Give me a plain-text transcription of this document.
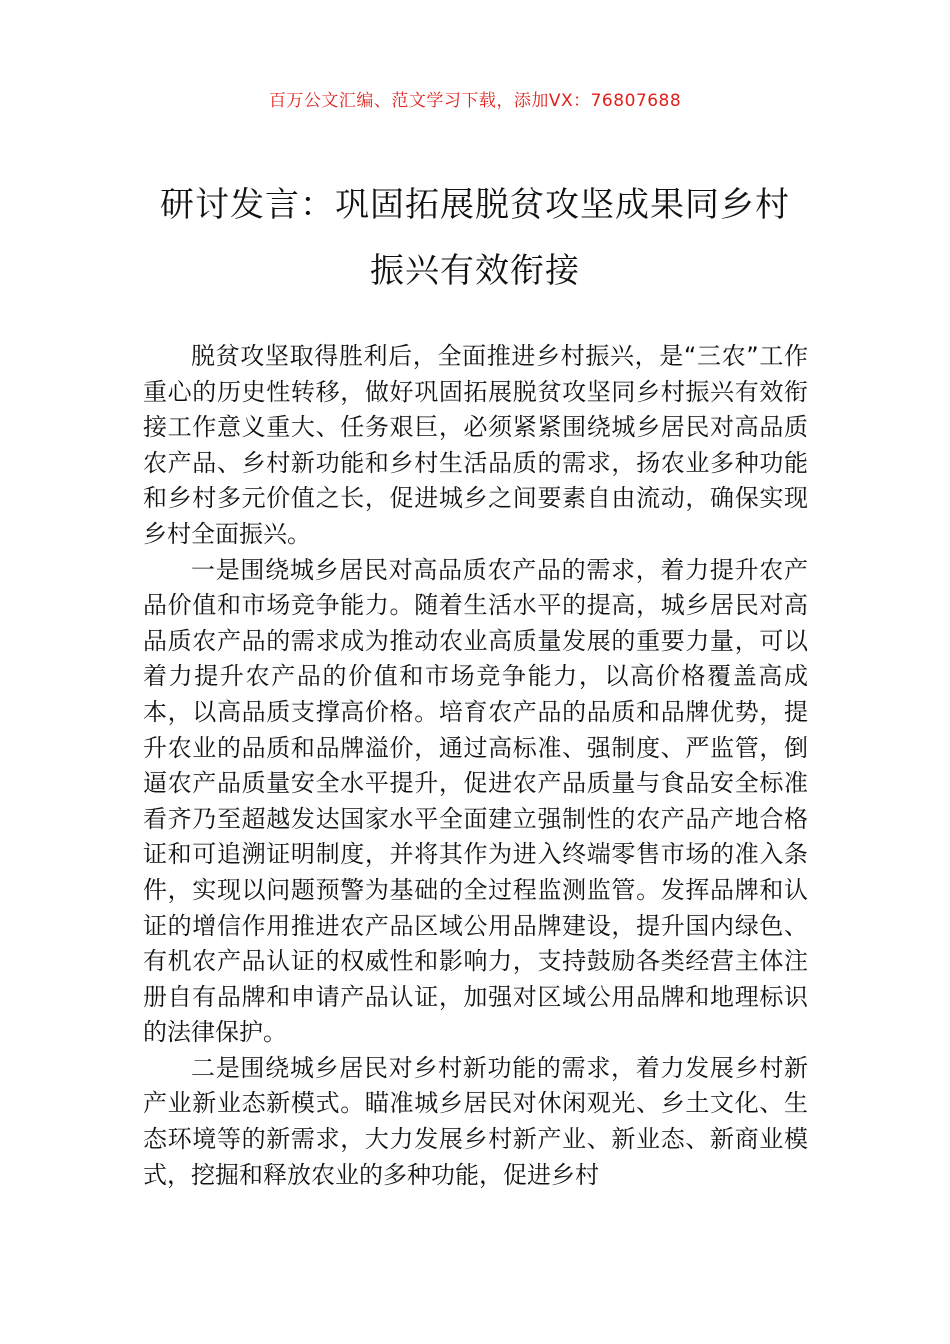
百万公文汇编、范文学习下载，添加VX：76807688
研讨发言：巩固拓展脱贫攻坚成果同乡村
振兴有效衔接

脱贫攻坚取得胜利后，全面推进乡村振兴，是“三农”工作重心的历史性转移，做好巩固拓展脱贫攻坚同乡村振兴有效衔接工作意义重大、任务艰巨，必须紧紧围绕城乡居民对高品质农产品、乡村新功能和乡村生活品质的需求，扬农业多种功能和乡村多元价值之长，促进城乡之间要素自由流动，确保实现乡村全面振兴。

一是围绕城乡居民对高品质农产品的需求，着力提升农产品价值和市场竞争能力。随着生活水平的提高，城乡居民对高品质农产品的需求成为推动农业高质量发展的重要力量，可以着力提升农产品的价值和市场竞争能力，以高价格覆盖高成本，以高品质支撑高价格。培育农产品的品质和品牌优势，提升农业的品质和品牌溢价，通过高标准、强制度、严监管，倒逼农产品质量安全水平提升，促进农产品质量与食品安全标准看齐乃至超越发达国家水平全面建立强制性的农产品产地合格证和可追溯证明制度，并将其作为进入终端零售市场的准入条件，实现以问题预警为基础的全过程监测监管。发挥品牌和认证的增信作用推进农产品区域公用品牌建设，提升国内绿色、有机农产品认证的权威性和影响力，支持鼓励各类经营主体注册自有品牌和申请产品认证，加强对区域公用品牌和地理标识的法律保护。

二是围绕城乡居民对乡村新功能的需求，着力发展乡村新产业新业态新模式。瞄准城乡居民对休闲观光、乡土文化、生态环境等的新需求，大力发展乡村新产业、新业态、新商业模式，挖掘和释放农业的多种功能，促进乡村
